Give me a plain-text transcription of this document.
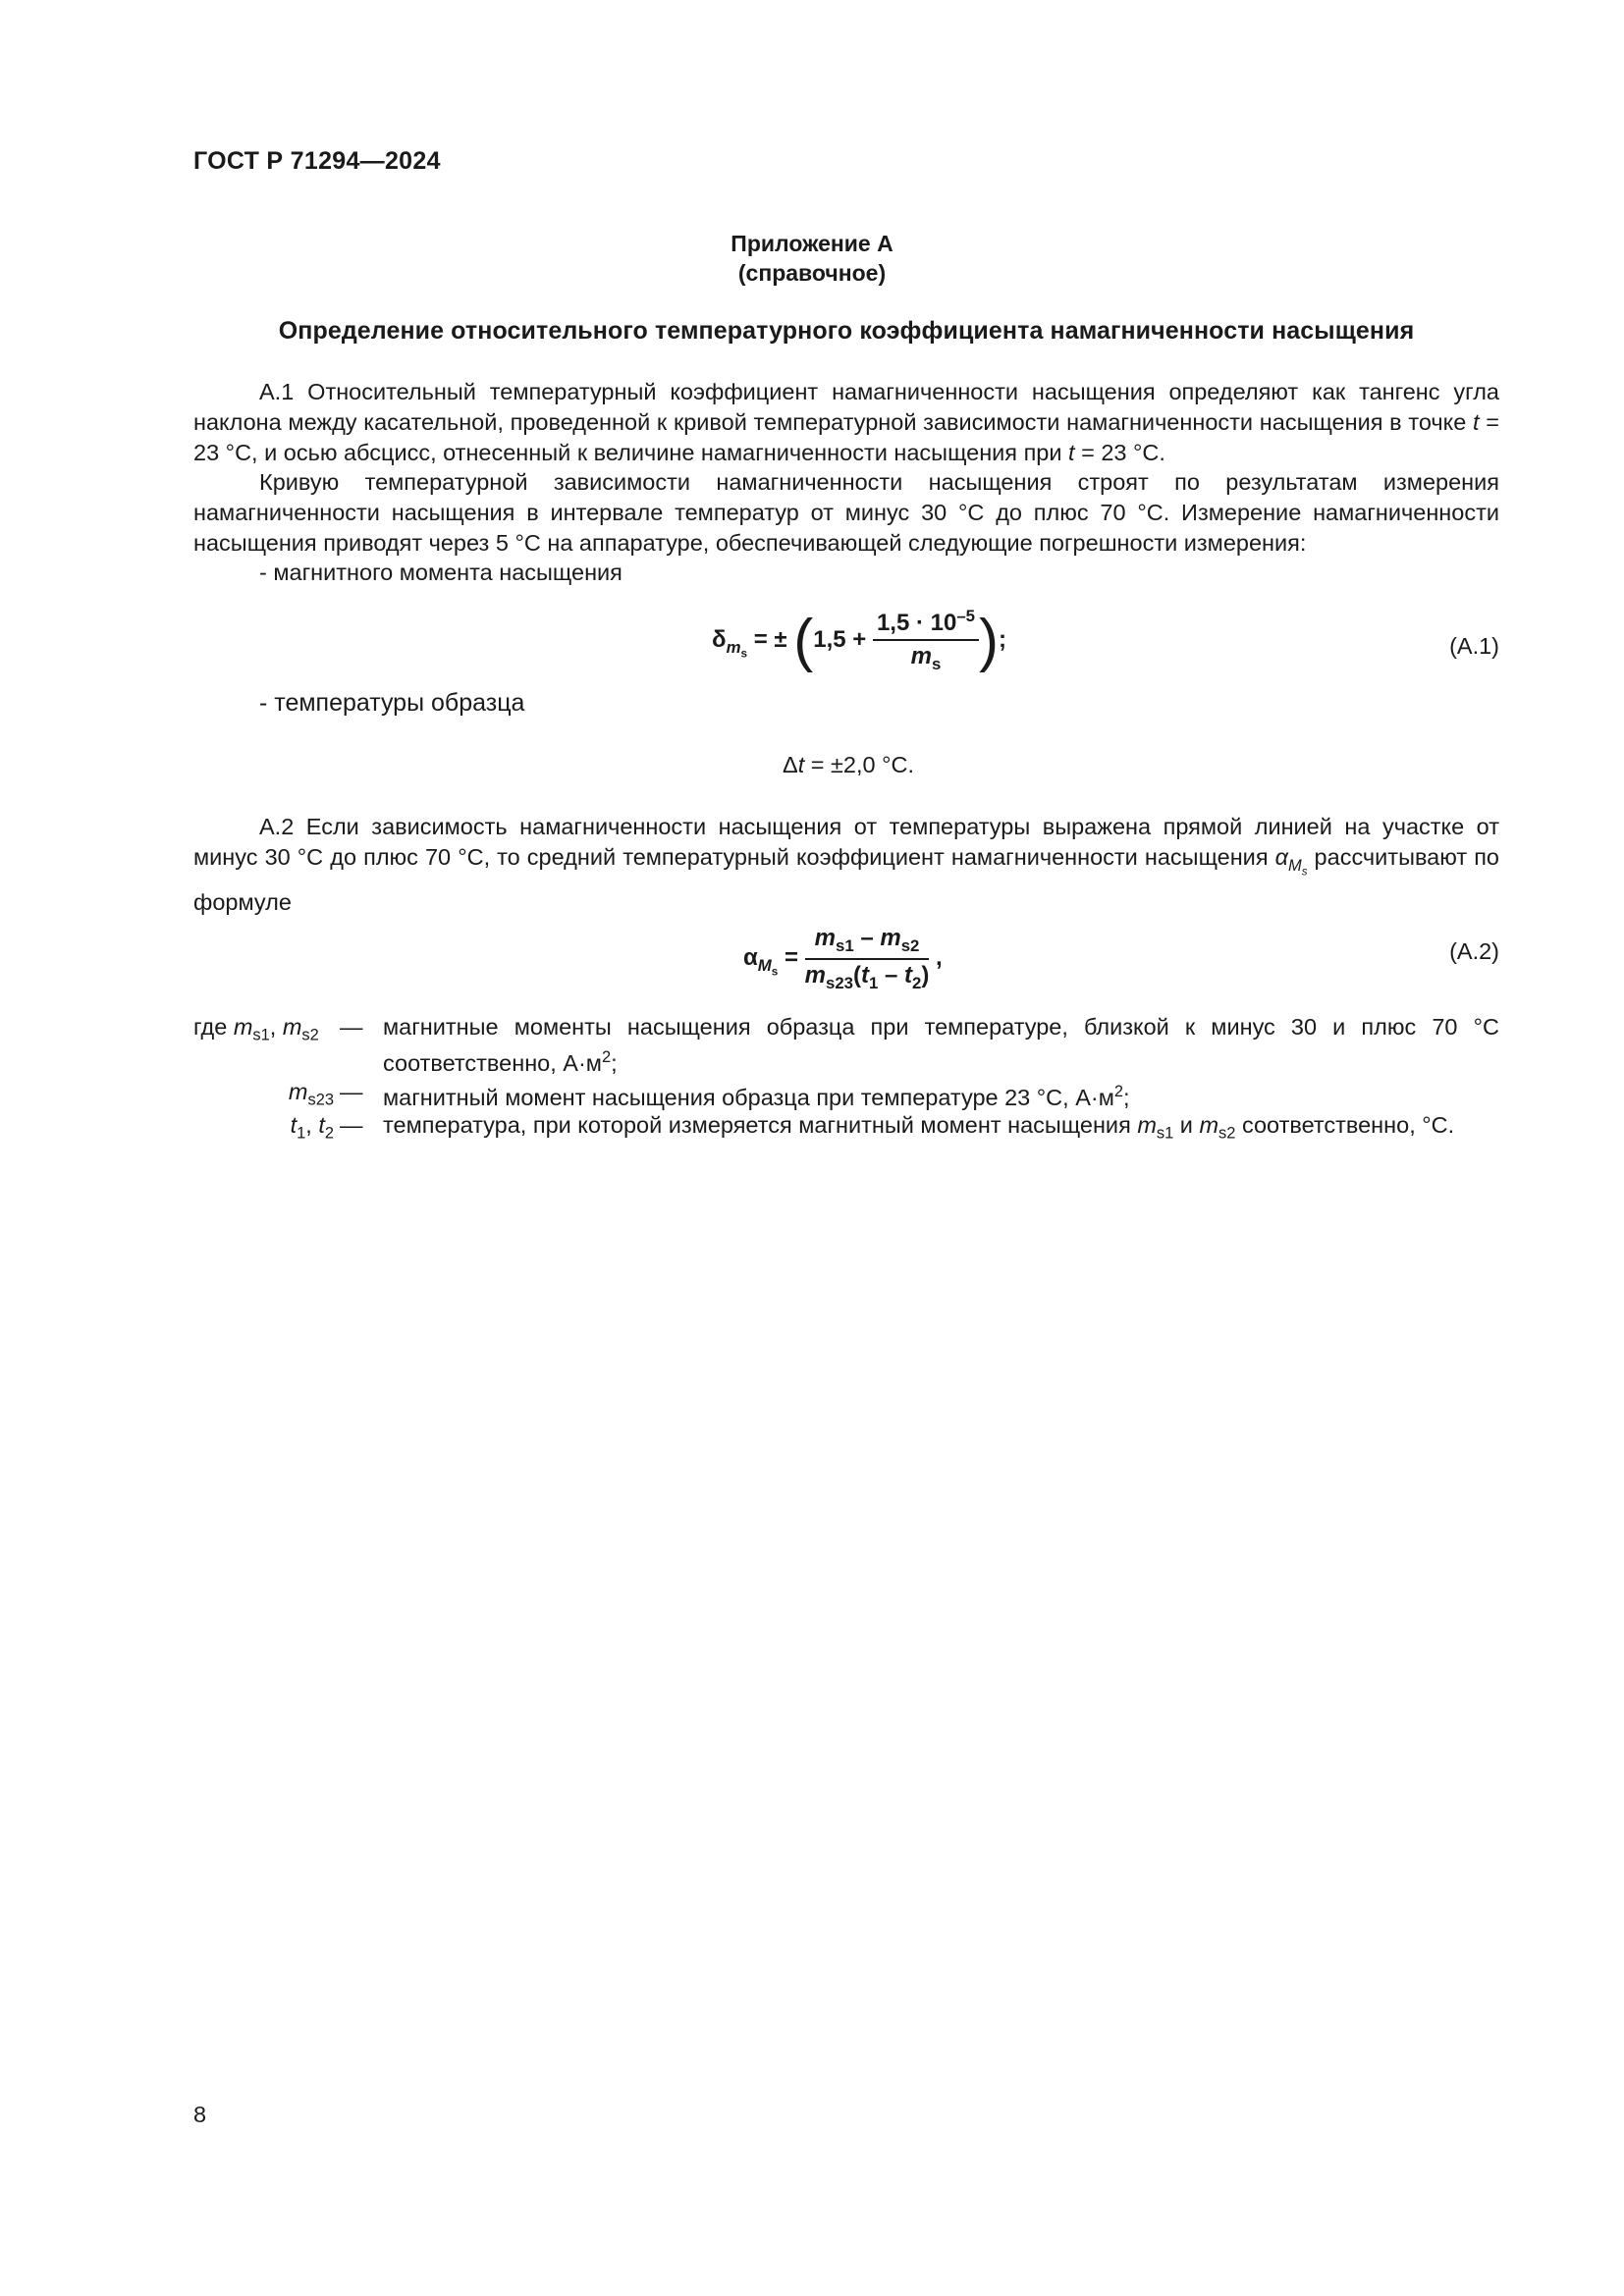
ГОСТ Р 71294—2024
Приложение А
(справочное)
Определение относительного температурного коэффициента намагниченности насыщения
А.1 Относительный температурный коэффициент намагниченности насыщения определяют как тангенс угла наклона между касательной, проведенной к кривой температурной зависимости намагниченности насыщения в точке t = 23 °С, и осью абсцисс, отнесенный к величине намагниченности насыщения при t = 23 °С.
Кривую температурной зависимости намагниченности насыщения строят по результатам измерения намагниченности насыщения в интервале температур от минус 30 °С до плюс 70 °С. Измерение намагниченности насыщения приводят через 5 °С на аппаратуре, обеспечивающей следующие погрешности измерения:
- магнитного момента насыщения
$\delta_{m_s}$ = ± ($1,5 + \frac{1,5 \cdot 10^{-5}}{m_s}$ );	(А.1)
- температуры образца
Δt = ±2,0 °С.
А.2 Если зависимость намагниченности насыщения от температуры выражена прямой линией на участке от минус 30 °С до плюс 70 °С, то средний температурный коэффициент намагниченности насыщения $\alpha_{M_s}$ рассчитывают по формуле
$\alpha_{M_s} = \frac{m_{s1} - m_{s2}}{m_{s23}(t_1 - t_2)}$ ,	(А.2)
где $m_{s1}$, $m_{s2}$ — магнитные моменты насыщения образца при температуре, близкой к минус 30 и плюс 70 °С соответственно, $А\cdot м^2$;
$m_{s23}$ — магнитный момент насыщения образца при температуре 23 °С, $А\cdot м^2$;
$t_1$, $t_2$ — температура, при которой измеряется магнитный момент насыщения $m_{s1}$ и $m_{s2}$ соответственно, °С.
8
